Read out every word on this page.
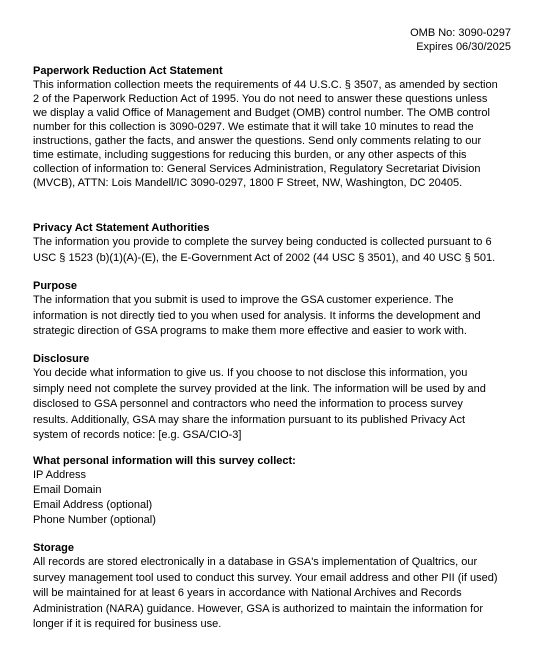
OMB No: 3090-0297
Expires 06/30/2025

Paperwork Reduction Act Statement

This information collection meets the requirements of 44 U.S.C. § 3507, as amended by section

2 of the Paperwork Reduction Act of 1995. You do not need to answer these questions unless

we display a valid Office of Management and Budget (OMB) control number. The OMB control

number for this collection is 3090-0297. We estimate that it will take 10 minutes to read the

instructions, gather the facts, and answer the questions. Send only comments relating to our

time estimate, including suggestions for reducing this burden, or any other aspects of this

collection of information to: General Services Administration, Regulatory Secretariat Division

(MVCB), ATTN: Lois Mandell/IC 3090-0297, 1800 F Street, NW, Washington, DC 20405.

Privacy Act Statement Authorities

The information you provide to complete the survey being conducted is collected pursuant to 6

USC § 1523 (b)(1)(A)-(E), the E-Government Act of 2002 (44 USC § 3501), and 40 USC § 501.

Purpose

The information that you submit is used to improve the GSA customer experience. The

information is not directly tied to you when used for analysis. It informs the development and

strategic direction of GSA programs to make them more effective and easier to work with.

Disclosure

You decide what information to give us. If you choose to not disclose this information, you

simply need not complete the survey provided at the link. The information will be used by and

disclosed to GSA personnel and contractors who need the information to process survey

results. Additionally, GSA may share the information pursuant to its published Privacy Act

system of records notice: [e.g. GSA/CIO-3]

What personal information will this survey collect:

IP Address

Email Domain

Email Address (optional)

Phone Number (optional)

Storage

All records are stored electronically in a database in GSA's implementation of Qualtrics, our

survey management tool used to conduct this survey. Your email address and other PII (if used)

will be maintained for at least 6 years in accordance with National Archives and Records

Administration (NARA) guidance. However, GSA is authorized to maintain the information for

longer if it is required for business use.
